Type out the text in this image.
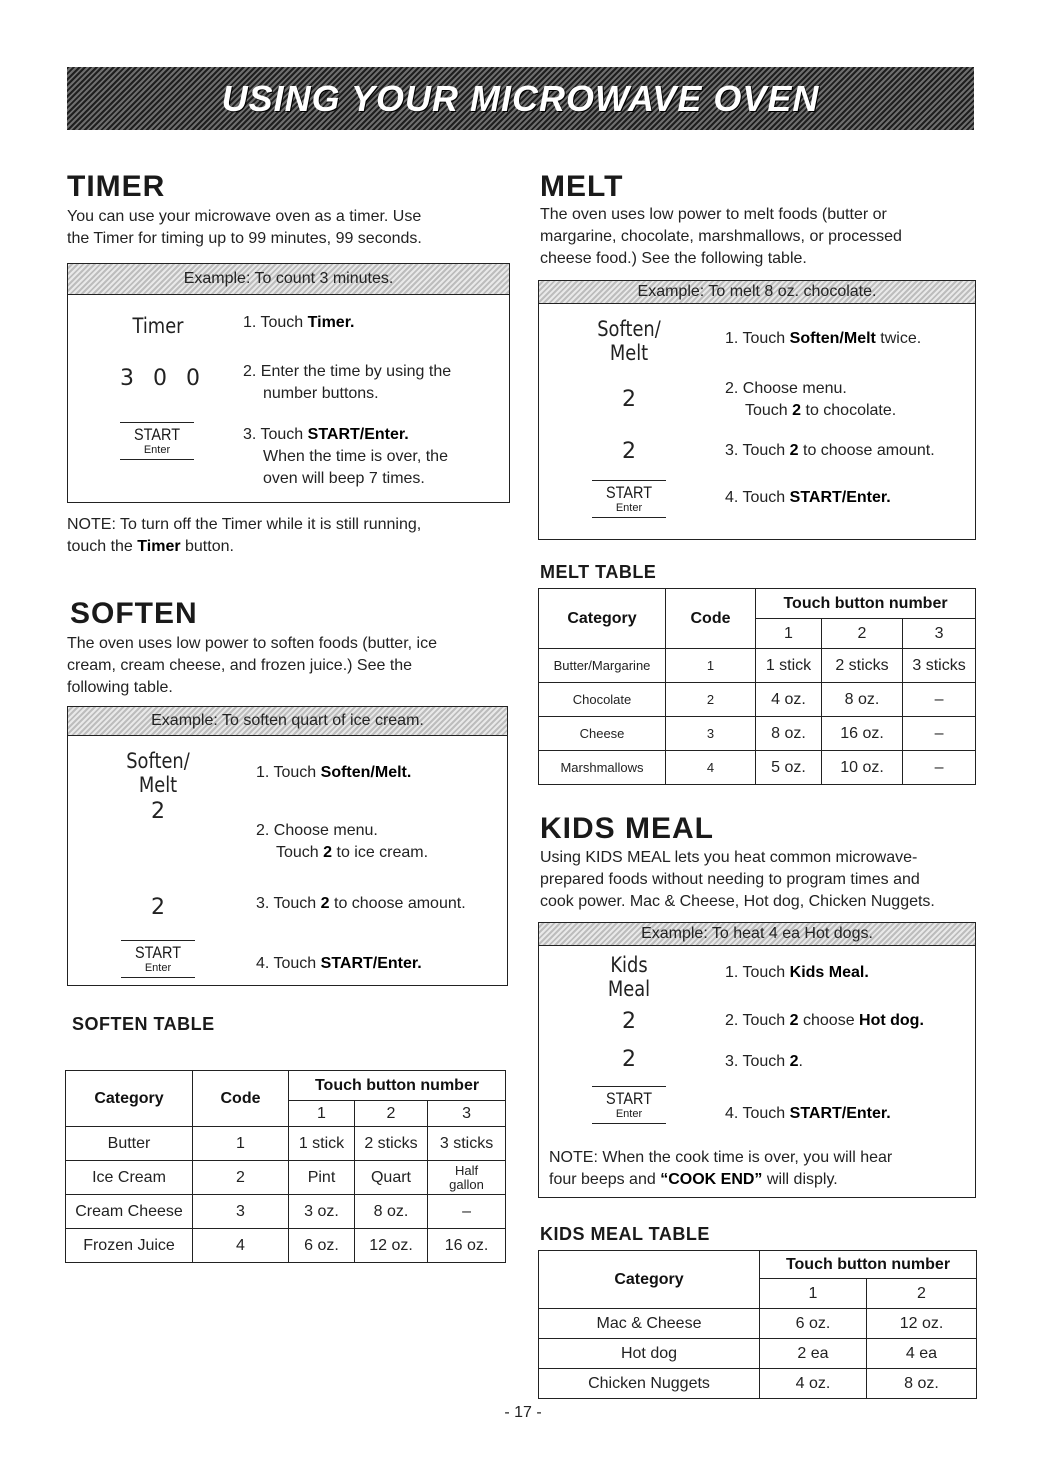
USING YOUR MICROWAVE OVEN
TIMER

You can use your microwave oven as a timer. Use
the Timer for timing up to 99 minutes, 99 seconds.

Example: To count 3 minutes.
Timer
3 0 0
START
Enter
1. Touch Timer.
2. Enter the time by using the
number buttons.
3. Touch START/Enter.
When the time is over, the
oven will beep 7 times.

NOTE: To turn off the Timer while it is still running,
touch the Timer button.

SOFTEN

The oven uses low power to soften foods (butter, ice
cream, cream cheese, and frozen juice.) See the
following table.

Example: To soften quart of ice cream.
Soften/
Melt
2
2
START
Enter
1. Touch Soften/Melt.
2. Choose menu.
Touch 2 to ice cream.
3. Touch 2 to choose amount.
4. Touch START/Enter.
SOFTEN TABLE
Category	Code	Touch button number		
		1	2	3
Butter	1	1 stick	2 sticks	3 sticks
Ice Cream	2	Pint	Quart	Half
gallon

Cream Cheese	3	3 oz.	8 oz.	–
Frozen Juice	4	6 oz.	12 oz.	16 oz.
MELT

The oven uses low power to melt foods (butter or
margarine, chocolate, marshmallows, or processed
cheese food.) See the following table.

Example: To melt 8 oz. chocolate.
Soften/
Melt
2
2
START
Enter
1. Touch Soften/Melt twice.
2. Choose menu.
Touch 2 to chocolate.
3. Touch 2 to choose amount.
4. Touch START/Enter.
MELT TABLE
Category	Code	Touch button number		
		1	2	3
Butter/Margarine	1	1 stick	2 sticks	3 sticks
Chocolate	2	4 oz.	8 oz.	–
Cheese	3	8 oz.	16 oz.	–
Marshmallows	4	5 oz.	10 oz.	–
KIDS MEAL

Using KIDS MEAL lets you heat common microwave-
prepared foods without needing to program times and
cook power. Mac & Cheese, Hot dog, Chicken Nuggets.

Example: To heat 4 ea Hot dogs.
Kids
Meal
2
2
START
Enter
1. Touch Kids Meal.
2. Touch 2 choose Hot dog.
3. Touch 2.
4. Touch START/Enter.
NOTE: When the cook time is over, you will hear
four beeps and “COOK END” will disply.
KIDS MEAL TABLE
Category	Touch button number	
	1	2
Mac & Cheese	6 oz.	12 oz.
Hot dog	2 ea	4 ea
Chicken Nuggets	4 oz.	8 oz.
- 17 -
